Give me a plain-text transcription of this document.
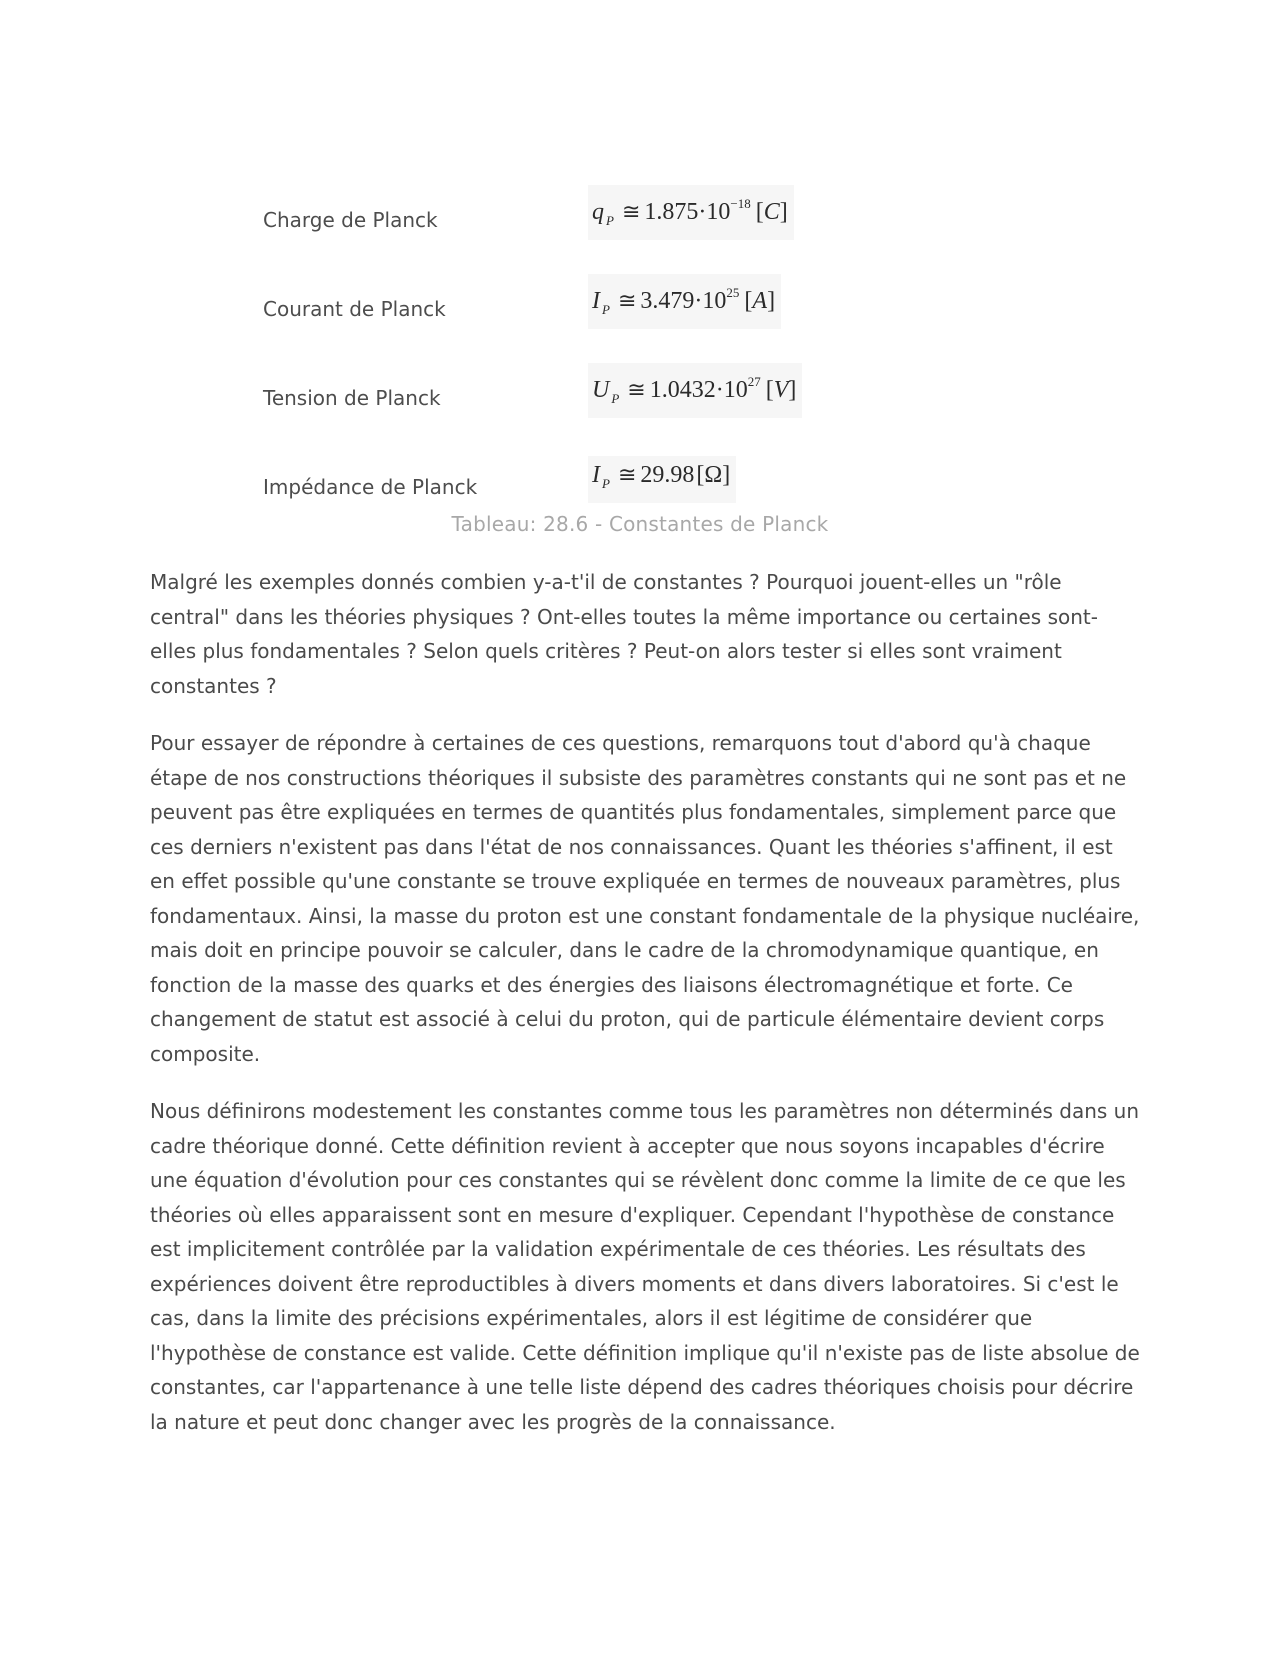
Charge de Planck	q $_P$ ≅ $1.875\cdot 10^{-18}$ [C]
Courant de Planck	I $_P$ ≅ $3.479\cdot 10^{25}$ [A]
Tension de Planck	U $_P$ ≅ $1.0432\cdot 10^{27}$ [V]
Impédance de Planck	I $_P$ ≅ 29.98[Ω]
Tableau: 28.6 - Constantes de Planck

Malgré les exemples donnés combien y-a-t'il de constantes ? Pourquoi jouent-elles un "rôle central" dans les théories physiques ? Ont-elles toutes la même importance ou certaines sont-elles plus fondamentales ? Selon quels critères ? Peut-on alors tester si elles sont vraiment constantes ?

Pour essayer de répondre à certaines de ces questions, remarquons tout d'abord qu'à chaque étape de nos constructions théoriques il subsiste des paramètres constants qui ne sont pas et ne peuvent pas être expliquées en termes de quantités plus fondamentales, simplement parce que ces derniers n'existent pas dans l'état de nos connaissances. Quant les théories s'affinent, il est en effet possible qu'une constante se trouve expliquée en termes de nouveaux paramètres, plus fondamentaux. Ainsi, la masse du proton est une constant fondamentale de la physique nucléaire, mais doit en principe pouvoir se calculer, dans le cadre de la chromodynamique quantique, en fonction de la masse des quarks et des énergies des liaisons électromagnétique et forte. Ce changement de statut est associé à celui du proton, qui de particule élémentaire devient corps composite.

Nous définirons modestement les constantes comme tous les paramètres non déterminés dans un cadre théorique donné. Cette définition revient à accepter que nous soyons incapables d'écrire une équation d'évolution pour ces constantes qui se révèlent donc comme la limite de ce que les théories où elles apparaissent sont en mesure d'expliquer. Cependant l'hypothèse de constance est implicitement contrôlée par la validation expérimentale de ces théories. Les résultats des expériences doivent être reproductibles à divers moments et dans divers laboratoires. Si c'est le cas, dans la limite des précisions expérimentales, alors il est légitime de considérer que l'hypothèse de constance est valide. Cette définition implique qu'il n'existe pas de liste absolue de constantes, car l'appartenance à une telle liste dépend des cadres théoriques choisis pour décrire la nature et peut donc changer avec les progrès de la connaissance.
